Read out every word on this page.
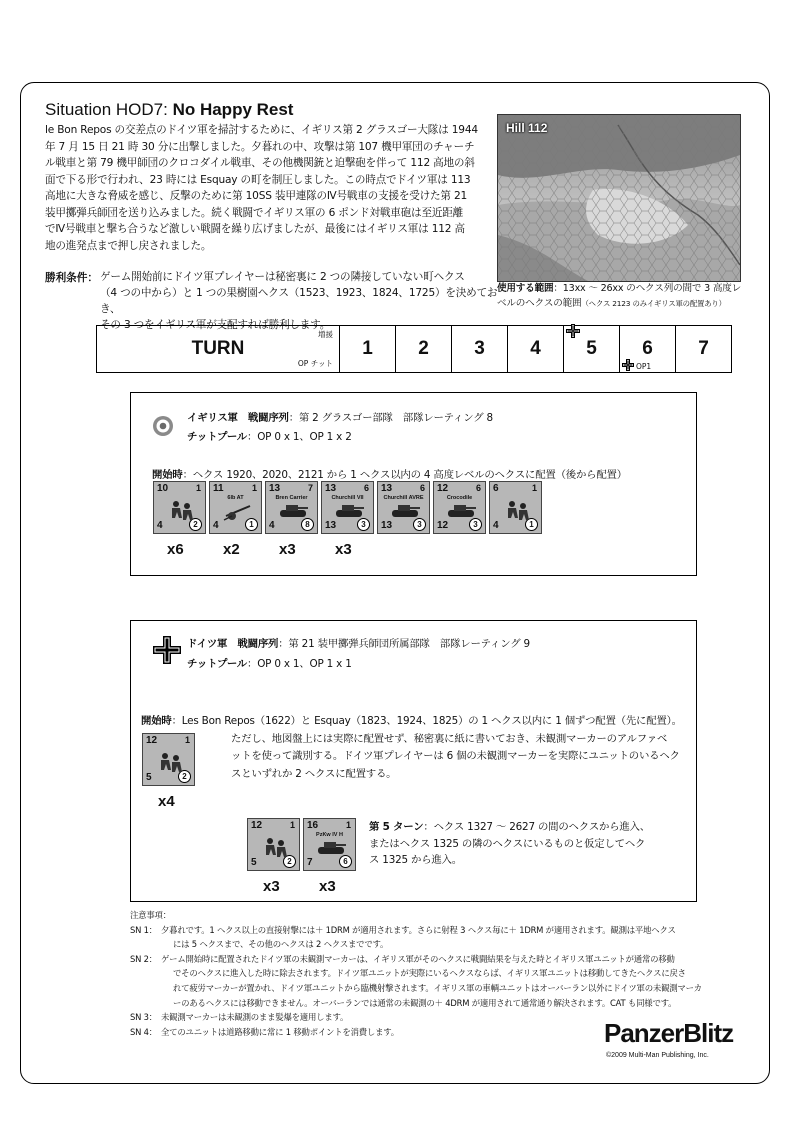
Situation HOD7: No Happy Rest
le Bon Repos の交差点のドイツ軍を掃討するために、イギリス第 2 グラスゴー大隊は 1944
年 7 月 15 日 21 時 30 分に出撃しました。夕暮れの中、攻撃は第 107 機甲軍団のチャーチ
ル戦車と第 79 機甲師団のクロコダイル戦車、その他機関銃と迫撃砲を伴って 112 高地の斜
面で下る形で行われ、23 時には Esquay の町を制圧しました。この時点でドイツ軍は 113
高地に大きな脅威を感じ、反撃のために第 10SS 装甲連隊のⅣ号戦車の支援を受けた第 21
装甲擲弾兵師団を送り込みました。続く戦闘でイギリス軍の 6 ポンド対戦車砲は至近距離
でⅣ号戦車と撃ち合うなど激しい戦闘を繰り広げましたが、最後にはイギリス軍は 112 高
地の進発点まで押し戻されました。
勝利条件： ゲーム開始前にドイツ軍プレイヤーは秘密裏に 2 つの隣接していない町ヘクス
（4 つの中から）と 1 つの果樹園ヘクス（1523、1923、1824、1725）を決めておき、
その 3 つをイギリス軍が支配すれば勝利します。
Hill 112
使用する範囲：13xx ～ 26xx のヘクス列の間で 3 高度レ
ベルのヘクスの範囲（ヘクス 2123 のみイギリス軍の配置あり）
増援
TURN
OP チット
	1	2	3	4	5	6
OP1
	7
イギリス軍　戦闘序列：第 2 グラスゴー部隊　部隊レーティング 8
チットプール：OP 0 x 1、OP 1 x 2
開始時：ヘクス 1920、2020、2121 から 1 ヘクス以内の 4 高度レベルのヘクスに配置（後から配置）
10	1
4	2
x6
11	1
6lb AT
4	1
x2
13	7
Bren Carrier
4	8
x3
13	6
Churchill VII
13	3
x3
13	6
Churchill AVRE
13	3
12	6
Crocodile
12	3
6	1
4	1
ドイツ軍　戦闘序列：第 21 装甲擲弾兵師団所属部隊　部隊レーティング 9
チットプール：OP 0 x 1、OP 1 x 1
開始時：Les Bon Repos（1622）と Esquay（1823、1924、1825）の 1 ヘクス以内に 1 個ずつ配置（先に配置）。
ただし、地図盤上には実際に配置せず、秘密裏に紙に書いておき、未観測マーカーのアルファベ
ットを使って識別する。ドイツ軍プレイヤーは 6 個の未観測マーカーを実際にユニットのいるヘク
スといずれか 2 ヘクスに配置する。
12	1
5	2
x4
第 5 ターン：ヘクス 1327 ～ 2627 の間のヘクスから進入、
またはヘクス 1325 の隣のヘクスにいるものと仮定してヘク
ス 1325 から進入。
12	1
5	2
x3
16	1
PzKw IV H
7	6
x3
注意事項：
SN 1： 夕暮れです。1 ヘクス以上の直接射撃には＋ 1DRM が適用されます。さらに射程 3 ヘクス毎に＋ 1DRM が適用されます。観測は平地ヘクス
には 5 ヘクスまで、その他のヘクスは 2 ヘクスまでです。
SN 2： ゲーム開始時に配置されたドイツ軍の未観測マーカーは、イギリス軍がそのヘクスに戦闘結果を与えた時とイギリス軍ユニットが通常の移動
でそのヘクスに進入した時に除去されます。ドイツ軍ユニットが実際にいるヘクスならば、イギリス軍ユニットは移動してきたヘクスに戻さ
れて疲労マーカーが置かれ、ドイツ軍ユニットから臨機射撃されます。イギリス軍の車輌ユニットはオーバーラン以外にドイツ軍の未観測マーカ
ーのあるヘクスには移動できません。オーバーランでは通常の未観測の＋ 4DRM が適用されて通常通り解決されます。CAT も同様です。
SN 3： 未観測マーカーは未観測のまま髪爆を適用します。
SN 4： 全てのユニットは道路移動に常に 1 移動ポイントを消費します。	PanzerBlitz
©2009 Multi-Man Publishing, Inc.
